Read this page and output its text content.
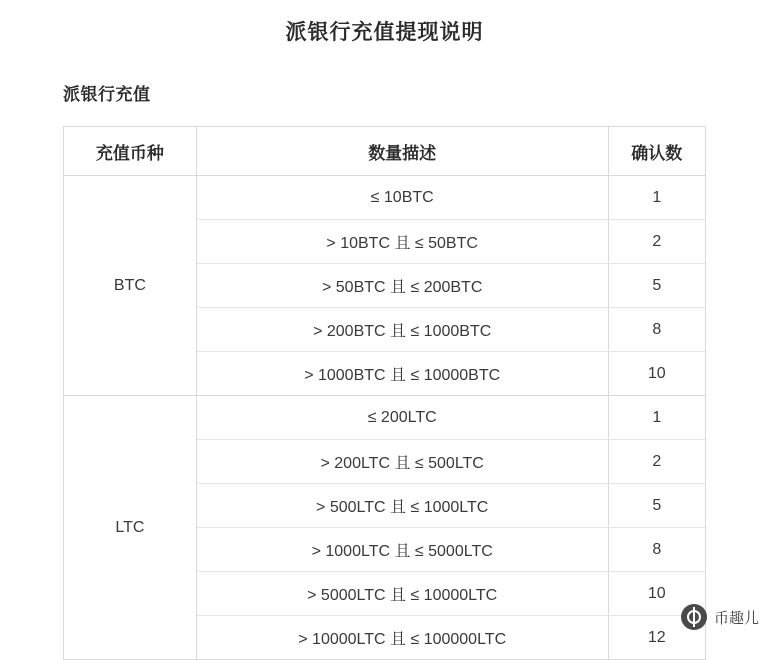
派银行充值提现说明
派银行充值
充值币种	数量描述	确认数
BTC	≤ 10BTC	1
	> 10BTC 且 ≤ 50BTC	2
	> 50BTC 且 ≤ 200BTC	5
	> 200BTC 且 ≤ 1000BTC	8
	> 1000BTC 且 ≤ 10000BTC	10
LTC	≤ 200LTC	1
	> 200LTC 且 ≤ 500LTC	2
	> 500LTC 且 ≤ 1000LTC	5
	> 1000LTC 且 ≤ 5000LTC	8
	> 5000LTC 且 ≤ 10000LTC	10
	> 10000LTC 且 ≤ 100000LTC	12
币趣儿
